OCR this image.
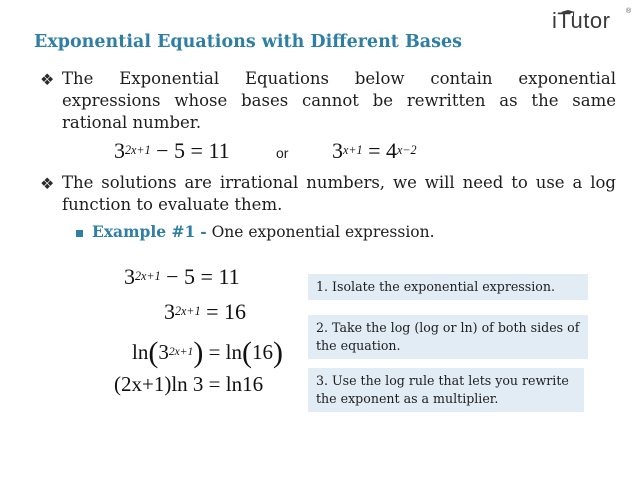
iTutor ®
Exponential Equations with Different Bases
❖ The Exponential Equations below contain exponential expressions whose bases cannot be rewritten as the same rational number.
$3^{2x+1} - 5 = 11$	or $3^{x+1} = 4^{x-2}$
❖ The solutions are irrational numbers, we will need to use a log function to evaluate them.
Example #1 - One exponential expression.
$3^{2x+1} - 5 = 11$
$3^{2x+1} = 16$
$\ln(3^{2x+1}) = \ln(16)$
(2x+1)ln 3 = ln16
1. Isolate the exponential expression.
2. Take the log (log or ln) of both sides of the equation.
3. Use the log rule that lets you rewrite the exponent as a multiplier.
